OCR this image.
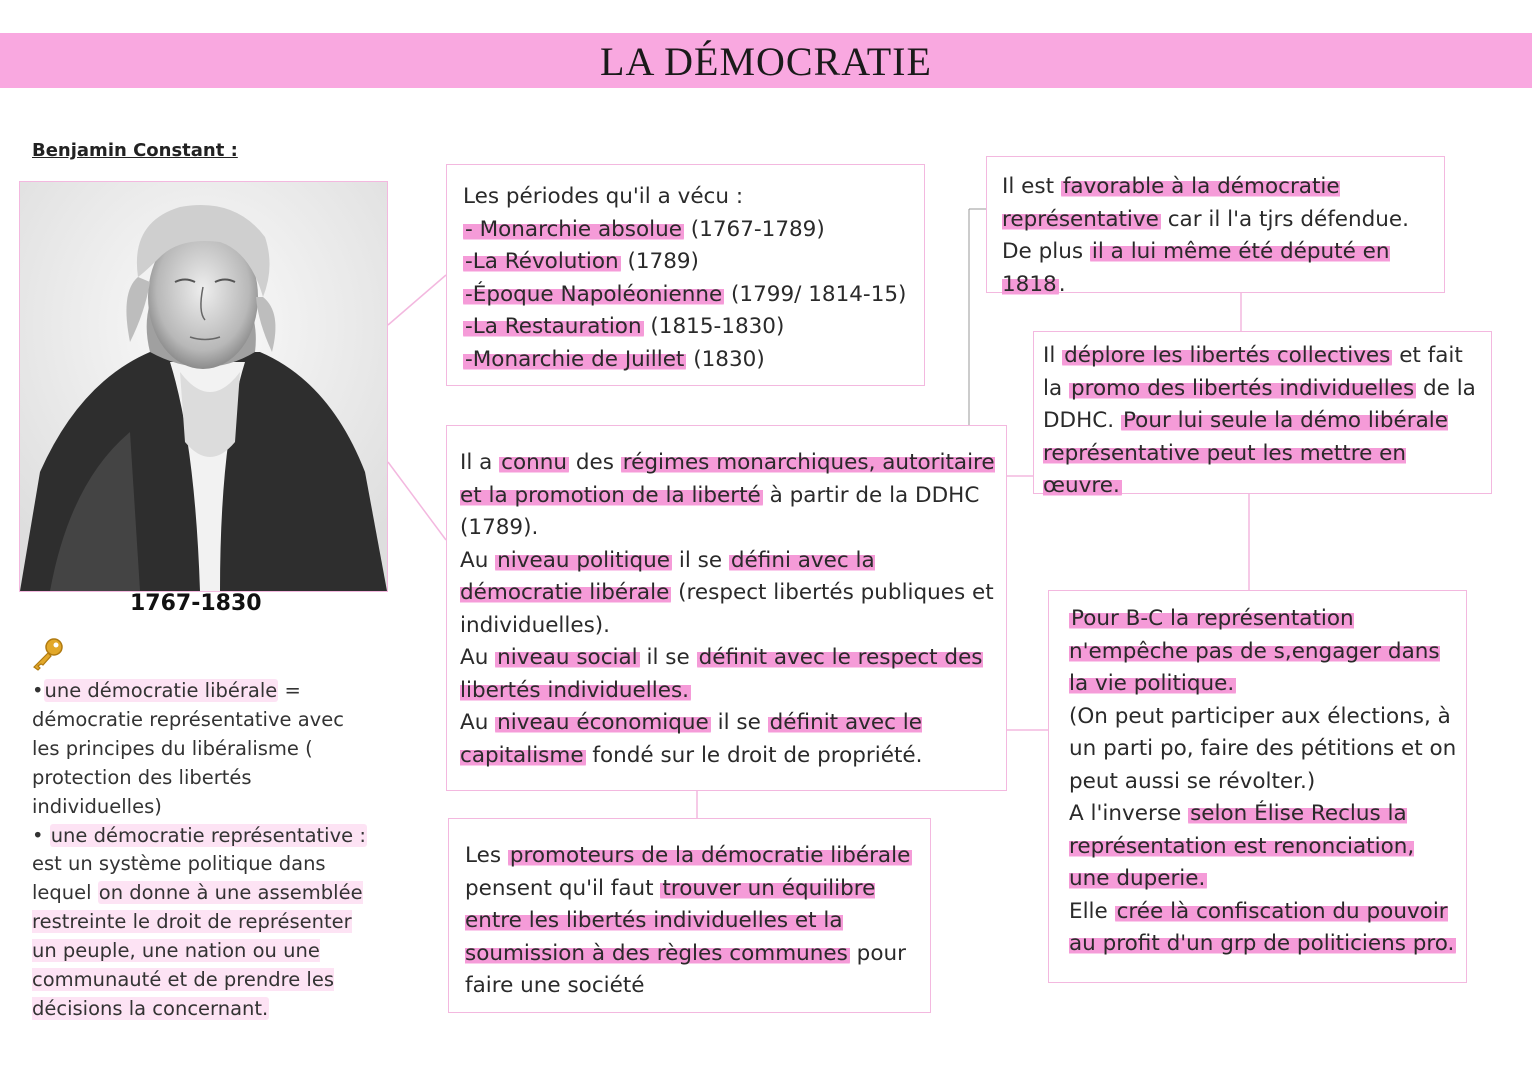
LA DÉMOCRATIE
Benjamin Constant :
1767-1830
•une démocratie libérale = démocratie représentative avec les principes du libéralisme ( protection des libertés individuelles)
• une démocratie représentative : est un système politique dans lequel on donne à une assemblée restreinte le droit de représenter un peuple, une nation ou une communauté et de prendre les décisions la concernant.

Les périodes qu'il a vécu :

- Monarchie absolue (1767-1789)

-La Révolution (1789)

-Époque Napoléonienne (1799/ 1814-15)

-La Restauration (1815-1830)

-Monarchie de Juillet (1830)

Il a connu des régimes monarchiques, autoritaire et la promotion de la liberté à partir de la DDHC (1789).

Au niveau politique il se défini avec la démocratie libérale (respect libertés publiques et individuelles).

Au niveau social il se définit avec le respect des libertés individuelles.

Au niveau économique il se définit avec le capitalisme fondé sur le droit de propriété.

Les promoteurs de la démocratie libérale pensent qu'il faut trouver un équilibre entre les libertés individuelles et la soumission à des règles communes pour faire une société

Il est favorable à la démocratie représentative car il l'a tjrs défendue. De plus il a lui même été député en 1818.

Il déplore les libertés collectives et fait la promo des libertés individuelles de la DDHC. Pour lui seule la démo libérale représentative peut les mettre en œuvre.

Pour B-C la représentation n'empêche pas de s,engager dans la vie politique.

(On peut participer aux élections, à un parti po, faire des pétitions et on peut aussi se révolter.)

A l'inverse selon Élise Reclus la représentation est renonciation, une duperie.

Elle crée là confiscation du pouvoir au profit d'un grp de politiciens pro.
